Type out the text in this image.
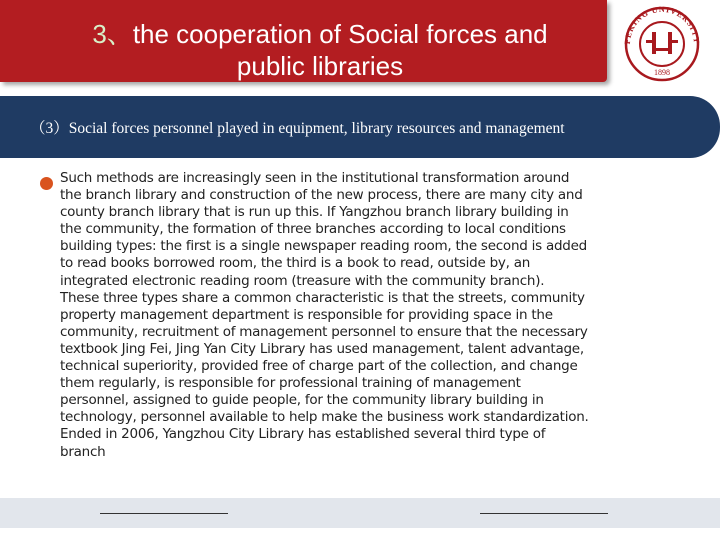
3、the cooperation of Social forces and
public libraries
PEKING UNIVERSITY
1898
（3）Social forces personnel played in equipment, library resources and management
Such methods are increasingly seen in the institutional transformation around
the branch library and construction of the new process, there are many city and
county branch library that is run up this. If Yangzhou branch library building in
the community, the formation of three branches according to local conditions
building types: the first is a single newspaper reading room, the second is added
to read books borrowed room, the third is a book to read, outside by, an
integrated electronic reading room (treasure with the community branch).
These three types share a common characteristic is that the streets, community
property management department is responsible for providing space in the
community, recruitment of management personnel to ensure that the necessary
textbook Jing Fei, Jing Yan City Library has used management, talent advantage,
technical superiority, provided free of charge part of the collection, and change
them regularly, is responsible for professional training of management
personnel, assigned to guide people, for the community library building in
technology, personnel available to help make the business work standardization.
Ended in 2006, Yangzhou City Library has established several third type of
branch
